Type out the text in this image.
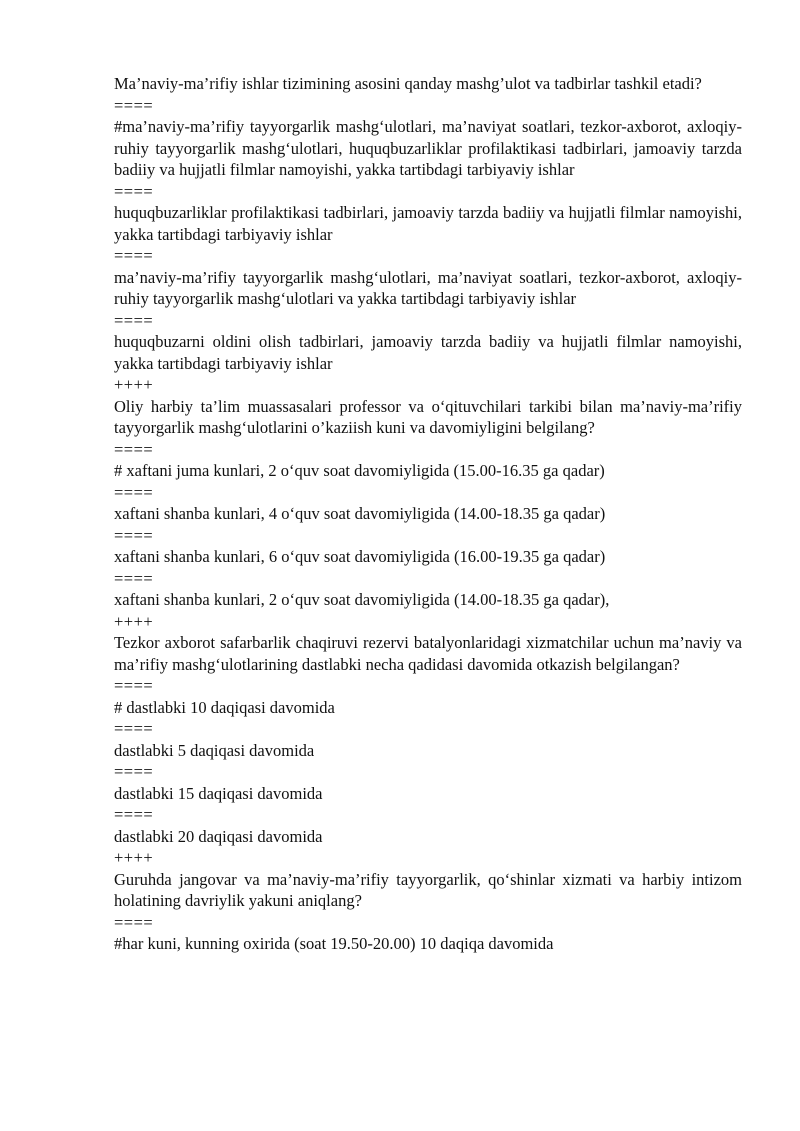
Ma’naviy-ma’rifiy ishlar tizimining asosini qanday mashg’ulot va tadbirlar tashkil etadi?

====

#ma’naviy-ma’rifiy tayyorgarlik mashg‘ulotlari, ma’naviyat soatlari, tezkor-axborot, axloqiy-ruhiy tayyorgarlik mashg‘ulotlari, huquqbuzarliklar profilaktikasi tadbirlari, jamoaviy tarzda badiiy va hujjatli filmlar namoyishi, yakka tartibdagi tarbiyaviy ishlar

====

huquqbuzarliklar profilaktikasi tadbirlari, jamoaviy tarzda badiiy va hujjatli filmlar namoyishi, yakka tartibdagi tarbiyaviy ishlar

====

ma’naviy-ma’rifiy tayyorgarlik mashg‘ulotlari, ma’naviyat soatlari, tezkor-axborot, axloqiy-ruhiy tayyorgarlik mashg‘ulotlari va yakka tartibdagi tarbiyaviy ishlar

====

huquqbuzarni oldini olish tadbirlari, jamoaviy tarzda badiiy va hujjatli filmlar namoyishi, yakka tartibdagi tarbiyaviy ishlar

++++

Oliy harbiy ta’lim muassasalari professor va o‘qituvchilari tarkibi bilan ma’naviy-ma’rifiy tayyorgarlik mashg‘ulotlarini o’kaziish kuni va davomiyligini belgilang?

====

# xaftani juma kunlari, 2 o‘quv soat davomiyligida (15.00-16.35 ga qadar)

====

xaftani shanba kunlari, 4 o‘quv soat davomiyligida (14.00-18.35 ga qadar)

====

xaftani shanba kunlari, 6 o‘quv soat davomiyligida (16.00-19.35 ga qadar)

====

xaftani shanba kunlari, 2 o‘quv soat davomiyligida (14.00-18.35 ga qadar),

++++

Tezkor axborot safarbarlik chaqiruvi rezervi batalyonlaridagi xizmatchilar uchun ma’naviy va ma’rifiy mashg‘ulotlarining dastlabki necha qadidasi davomida otkazish belgilangan?

====

# dastlabki 10 daqiqasi davomida

====

dastlabki 5 daqiqasi davomida

====

dastlabki 15 daqiqasi davomida

====

dastlabki 20 daqiqasi davomida

++++

Guruhda jangovar va ma’naviy-ma’rifiy tayyorgarlik, qo‘shinlar xizmati va harbiy intizom holatining davriylik yakuni aniqlang?

====

#har kuni, kunning oxirida (soat 19.50-20.00) 10 daqiqa davomida
